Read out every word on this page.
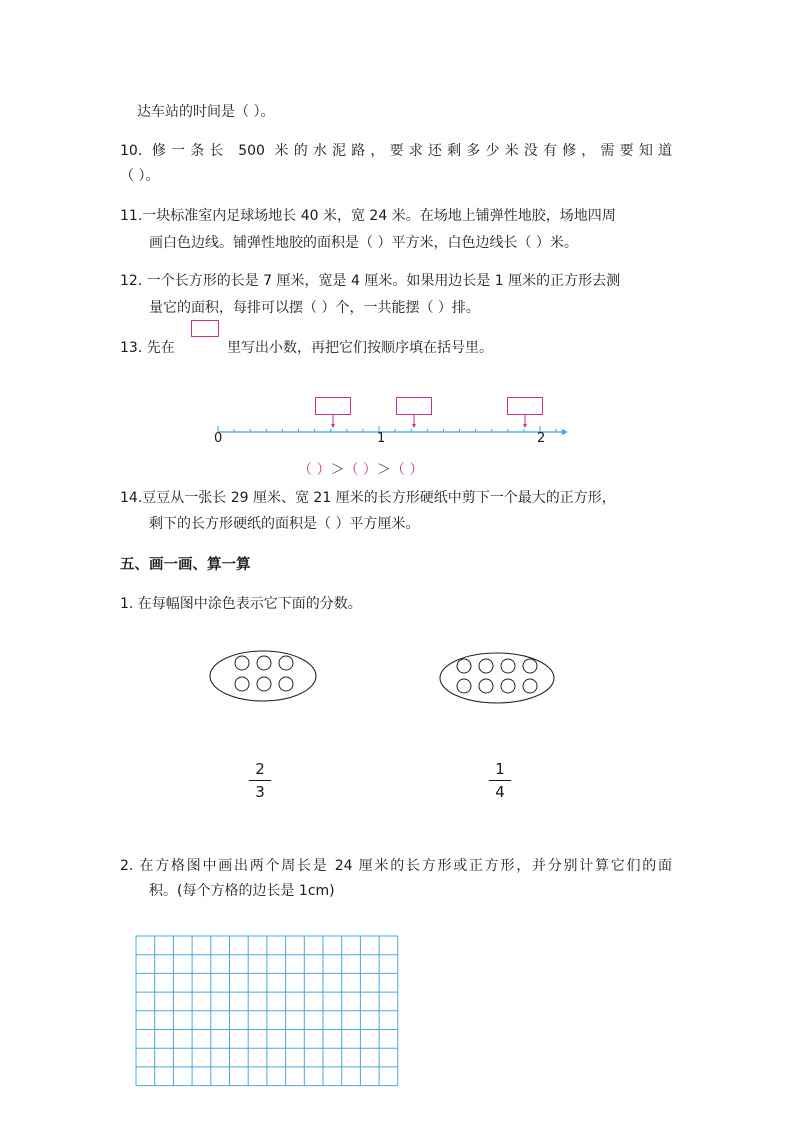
达车站的时间是（ ）。
10. 修一条长 500 米的水泥路，要求还剩多少米没有修，需要知道
（ ）。
11.一块标准室内足球场地长 40 米，宽 24 米。在场地上铺弹性地胶，场地四周
画白色边线。铺弹性地胶的面积是（ ）平方米，白色边线长（ ）米。
12. 一个长方形的长是 7 厘米，宽是 4 厘米。如果用边长是 1 厘米的正方形去测
量它的面积，每排可以摆（ ）个，一共能摆（ ）排。
13. 先在	里写出小数，再把它们按顺序填在括号里。
0	1	2
（ ）＞（ ）＞（ ）
14.豆豆从一张长 29 厘米、宽 21 厘米的长方形硬纸中剪下一个最大的正方形，
剩下的长方形硬纸的面积是（ ）平方厘米。
五、画一画、算一算
1. 在每幅图中涂色表示它下面的分数。
2
3
1
4
2. 在方格图中画出两个周长是 24 厘米的长方形或正方形，并分别计算它们的面
积。(每个方格的边长是 1cm)
